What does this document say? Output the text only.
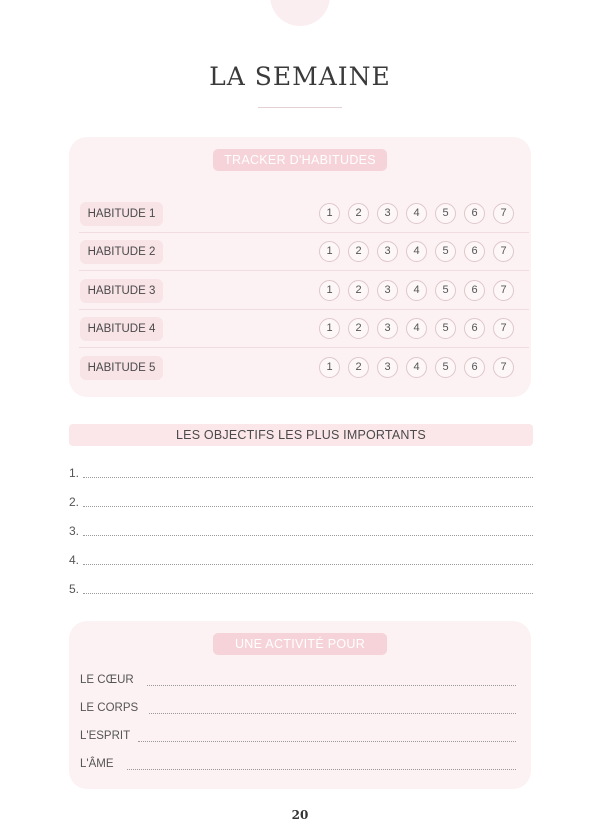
LA SEMAINE
TRACKER D'HABITUDES
HABITUDE 1	1	2	3	4	5	6	7
HABITUDE 2	1	2	3	4	5	6	7
HABITUDE 3	1	2	3	4	5	6	7
HABITUDE 4	1	2	3	4	5	6	7
HABITUDE 5	1	2	3	4	5	6	7
LES OBJECTIFS LES PLUS IMPORTANTS
1.
2.
3.
4.
5.
UNE ACTIVITÉ POUR
LE CŒUR
LE CORPS
L'ESPRIT
L'ÂME
20
